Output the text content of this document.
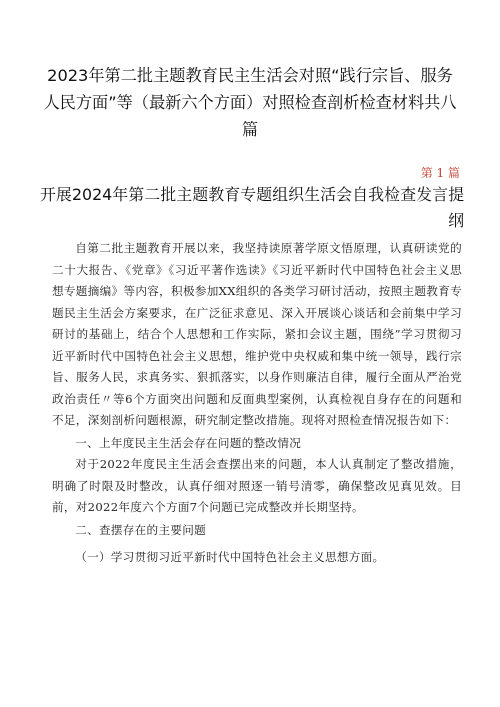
2023年第二批主题教育民主生活会对照“践行宗旨、服务人民方面”等（最新六个方面）对照检查剖析检查材料共八篇
第 1 篇
开展2024年第二批主题教育专题组织生活会自我检查发言提纲

自第二批主题教育开展以来，我坚持读原著学原文悟原理，认真研读党的二十大报告、《党章》《习近平著作选读》《习近平新时代中国特色社会主义思想专题摘编》等内容，积极参加XX组织的各类学习研讨活动，按照主题教育专题民主生活会方案要求，在广泛征求意见、深入开展谈心谈话和会前集中学习研讨的基础上，结合个人思想和工作实际，紧扣会议主题，围绕”学习贯彻习近平新时代中国特色社会主义思想，维护党中央权威和集中统一领导，践行宗旨、服务人民，求真务实、狠抓落实，以身作则廉洁自律，履行全面从严治党政治责任〃等6个方面突出问题和反面典型案例，认真检视自身存在的问题和不足，深刻剖析问题根源，研究制定整改措施。现将对照检查情况报告如下：

一、上年度民主生活会存在问题的整改情况

对于2022年度民主生活会查摆出来的问题，本人认真制定了整改措施，明确了时限及时整改，认真仔细对照逐一销号清零，确保整改见真见效。目前，对2022年度六个方面7个问题已完成整改并长期坚持。

二、查摆存在的主要问题

（一）学习贯彻习近平新时代中国特色社会主义思想方面。
